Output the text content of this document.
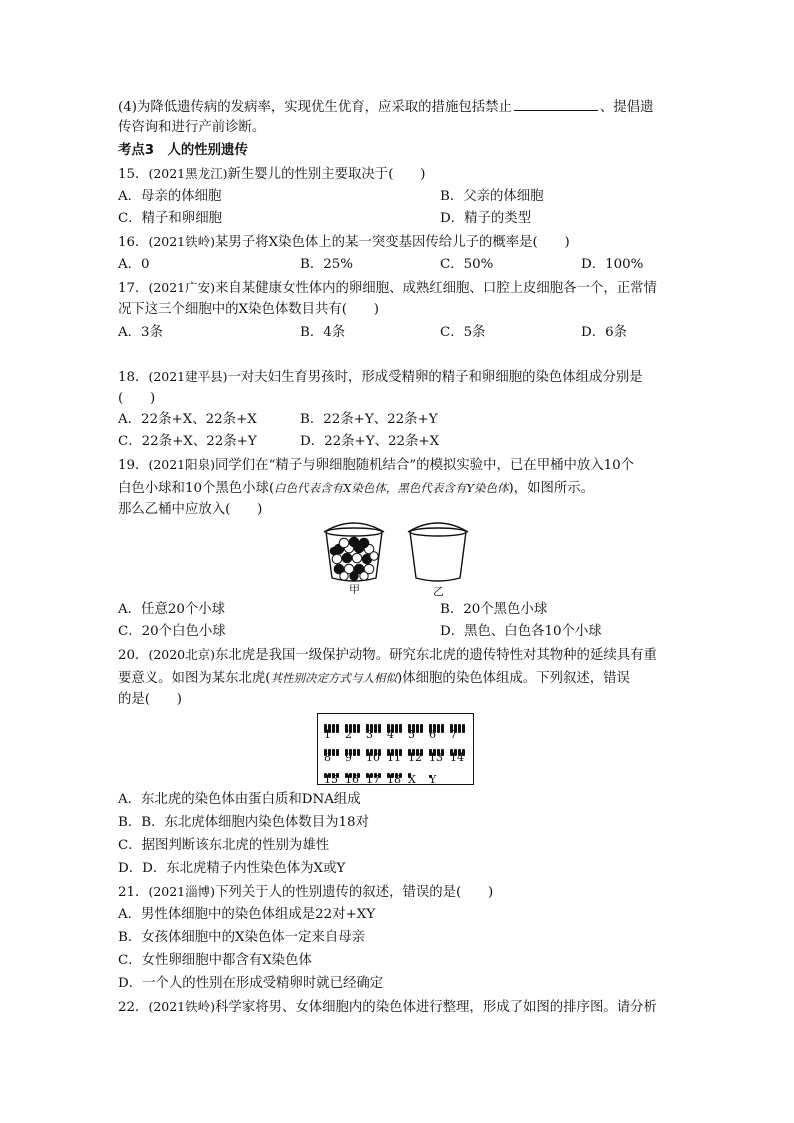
(4)为降低遗传病的发病率，实现优生优育，应采取的措施包括禁止	、提倡遗
传咨询和进行产前诊断。
考点3　人的性别遗传
15．(2021黑龙江)新生婴儿的性别主要取决于(　　)
A．母亲的体细胞	B．父亲的体细胞
C．精子和卵细胞	D．精子的类型
16．(2021铁岭)某男子将X染色体上的某一突变基因传给儿子的概率是(　　)
A．0	B．25%	C．50%	D．100%
17．(2021广安)来自某健康女性体内的卵细胞、成熟红细胞、口腔上皮细胞各一个，正常情
况下这三个细胞中的X染色体数目共有(　　)
A．3条	B．4条	C．5条	D．6条
18．(2021建平县)一对夫妇生育男孩时，形成受精卵的精子和卵细胞的染色体组成分别是
(　　)
A．22条+X、22条+X	B．22条+Y、22条+Y
C．22条+X、22条+Y	D．22条+Y、22条+X
19．(2021阳泉)同学们在“精子与卵细胞随机结合”的模拟实验中，已在甲桶中放入10个
白色小球和10个黑色小球(白色代表含有X染色体，黑色代表含有Y染色体)，如图所示。
那么乙桶中应放入(　　)
甲	乙
A．任意20个小球	B．20个黑色小球
C．20个白色小球	D．黑色、白色各10个小球
20．(2020北京)东北虎是我国一级保护动物。研究东北虎的遗传特性对其物种的延续具有重
要意义。如图为某东北虎(其性别决定方式与人相似)体细胞的染色体组成。下列叙述，错误
的是(　　)
1 2 3 4 5 6 7
8 9 10 11 12 13 14
15 16 17 18 X Y
A．东北虎的染色体由蛋白质和DNA组成
B．B．东北虎体细胞内染色体数目为18对
C．据图判断该东北虎的性别为雄性
D．D．东北虎精子内性染色体为X或Y
21．(2021淄博)下列关于人的性别遗传的叙述，错误的是(　　)
A．男性体细胞中的染色体组成是22对+XY
B．女孩体细胞中的X染色体一定来自母亲
C．女性卵细胞中都含有X染色体
D．一个人的性别在形成受精卵时就已经确定
22．(2021铁岭)科学家将男、女体细胞内的染色体进行整理，形成了如图的排序图。请分析
